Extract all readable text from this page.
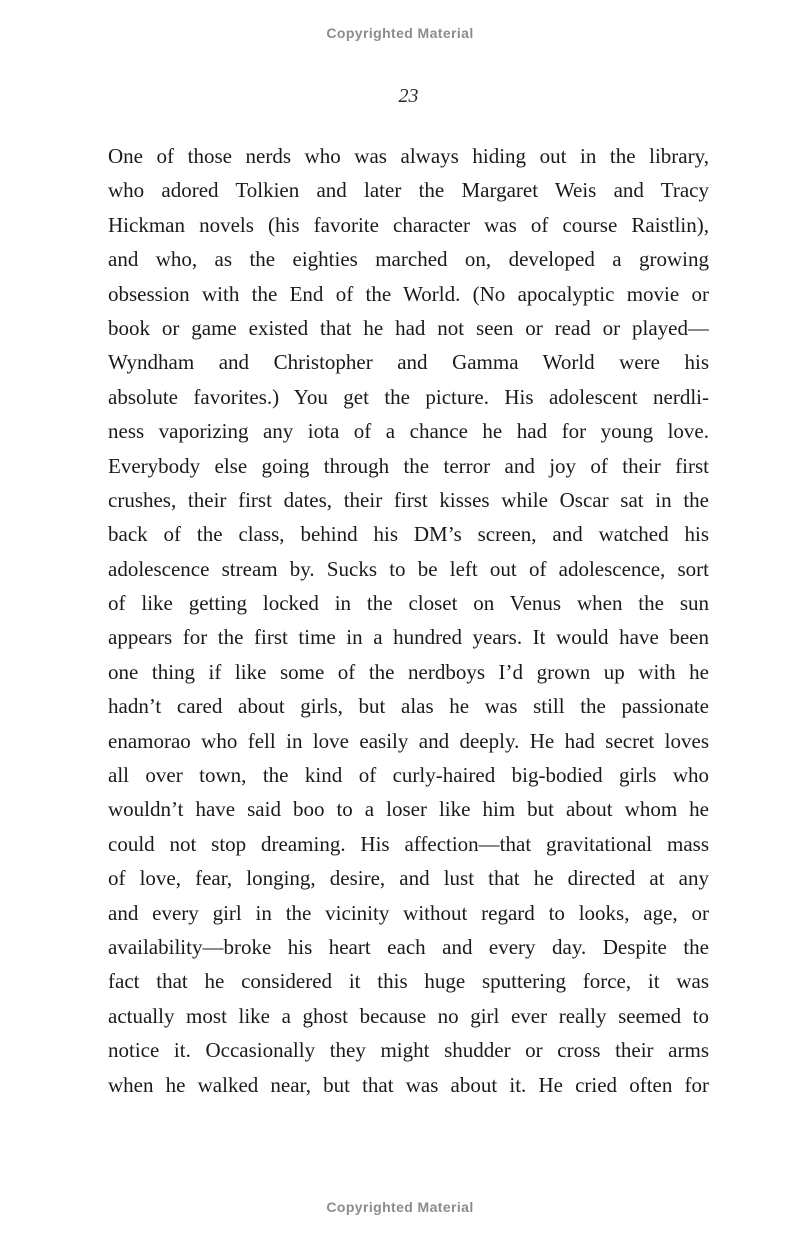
Copyrighted Material
23
One of those nerds who was always hiding out in the library,
who adored Tolkien and later the Margaret Weis and Tracy
Hickman novels (his favorite character was of course Raistlin),
and who, as the eighties marched on, developed a growing
obsession with the End of the World. (No apocalyptic movie or
book or game existed that he had not seen or read or played—
Wyndham and Christopher and Gamma World were his
absolute favorites.) You get the picture. His adolescent nerdli-
ness vaporizing any iota of a chance he had for young love.
Everybody else going through the terror and joy of their first
crushes, their first dates, their first kisses while Oscar sat in the
back of the class, behind his DM’s screen, and watched his
adolescence stream by. Sucks to be left out of adolescence, sort
of like getting locked in the closet on Venus when the sun
appears for the first time in a hundred years. It would have been
one thing if like some of the nerdboys I’d grown up with he
hadn’t cared about girls, but alas he was still the passionate
enamorao who fell in love easily and deeply. He had secret loves
all over town, the kind of curly-haired big-bodied girls who
wouldn’t have said boo to a loser like him but about whom he
could not stop dreaming. His affection—that gravitational mass
of love, fear, longing, desire, and lust that he directed at any
and every girl in the vicinity without regard to looks, age, or
availability—broke his heart each and every day. Despite the
fact that he considered it this huge sputtering force, it was
actually most like a ghost because no girl ever really seemed to
notice it. Occasionally they might shudder or cross their arms
when he walked near, but that was about it. He cried often for
Copyrighted Material
